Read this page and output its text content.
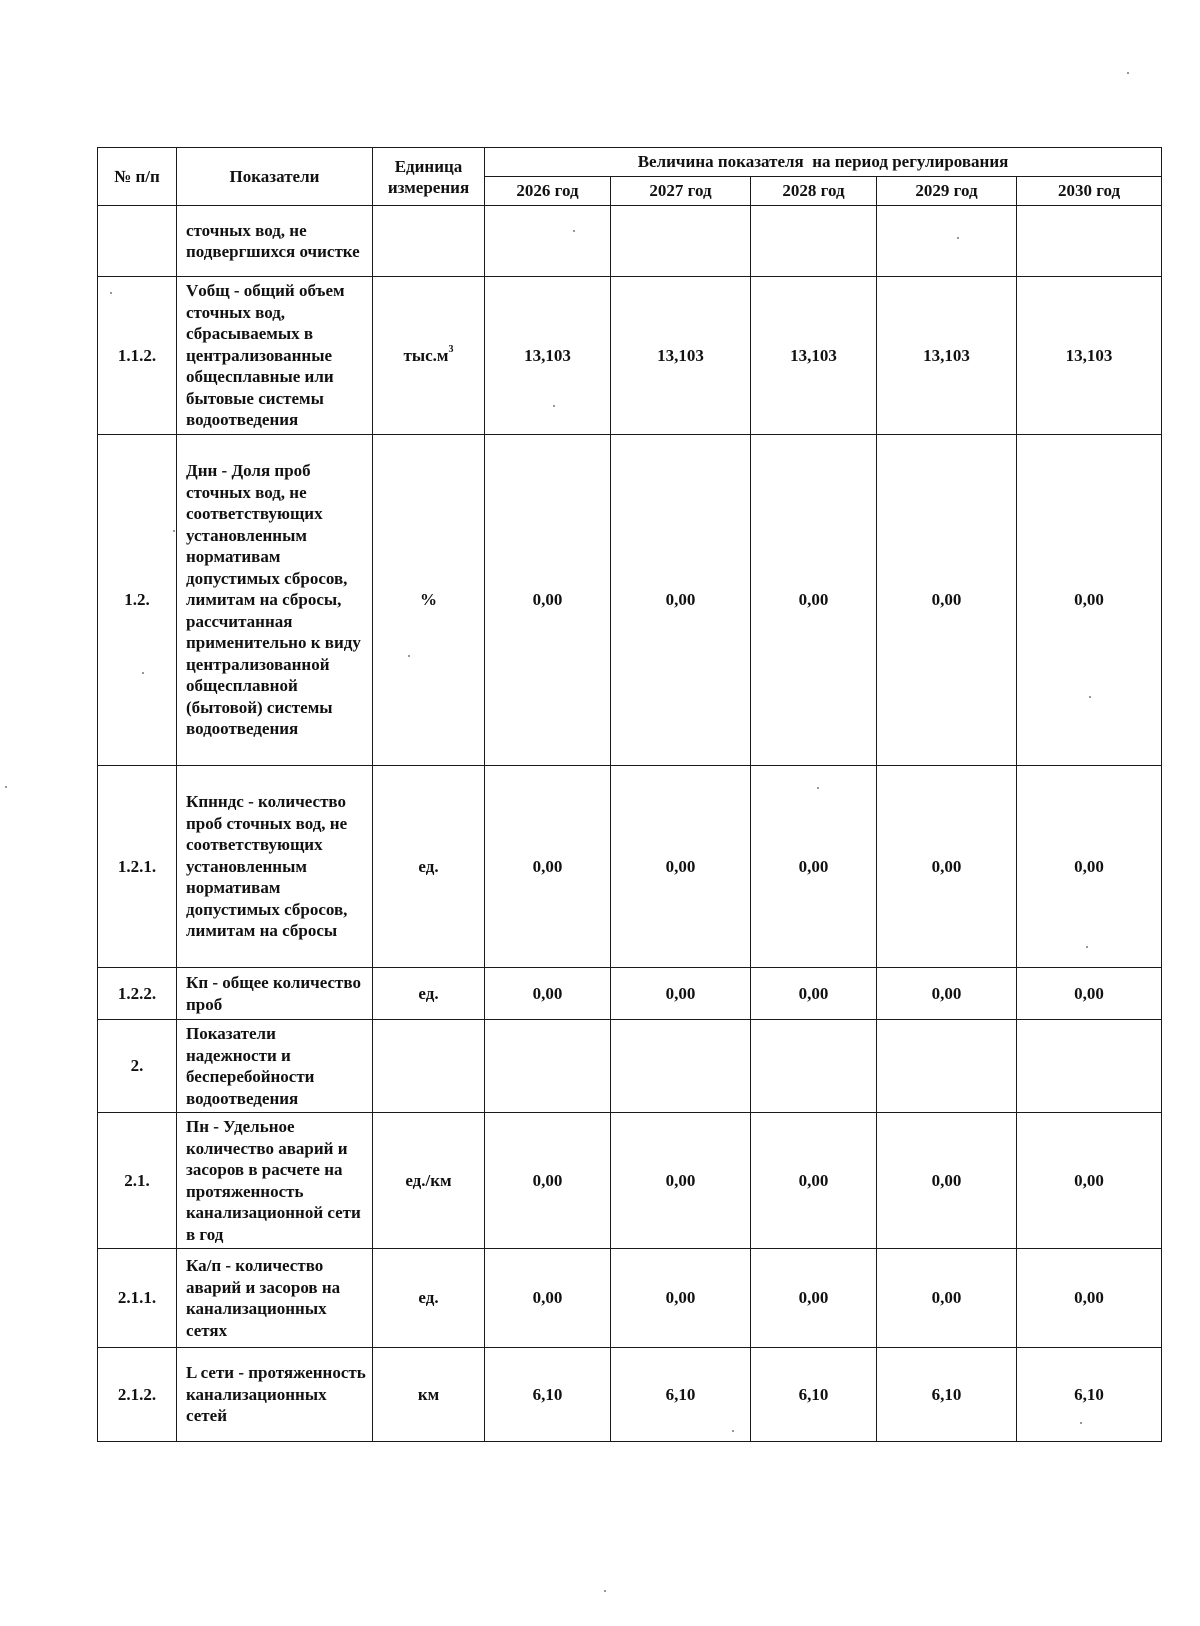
№ п/п	Показатели	Единица измерения	Величина показателя  на период регулирования				
			2026 год	2027 год	2028 год	2029 год	2030 год
	сточных вод, не подвергшихся очистке						
1.1.2.	Vобщ - общий объем сточных вод, сбрасываемых в централизованные общесплавные или бытовые системы водоотведения	$тыс.м^3$	13,103	13,103	13,103	13,103	13,103
1.2.	Днн - Доля проб сточных вод, не соответствующих установленным нормативам допустимых сбросов, лимитам на сбросы, рассчитанная применительно к виду централизованной общесплавной (бытовой) системы водоотведения	%	0,00	0,00	0,00	0,00	0,00
1.2.1.	Кпнндс - количество проб сточных вод, не соответствующих установленным нормативам допустимых сбросов, лимитам на сбросы	ед.	0,00	0,00	0,00	0,00	0,00
1.2.2.	Кп - общее количество проб	ед.	0,00	0,00	0,00	0,00	0,00
2.	Показатели надежности и бесперебойности водоотведения						
2.1.	Пн - Удельное количество аварий и засоров в расчете на протяженность канализационной сети в год	ед./км	0,00	0,00	0,00	0,00	0,00
2.1.1.	Ка/п - количество аварий и засоров на канализационных сетях	ед.	0,00	0,00	0,00	0,00	0,00
2.1.2.	L сети - протяженность канализационных сетей	км	6,10	6,10	6,10	6,10	6,10
